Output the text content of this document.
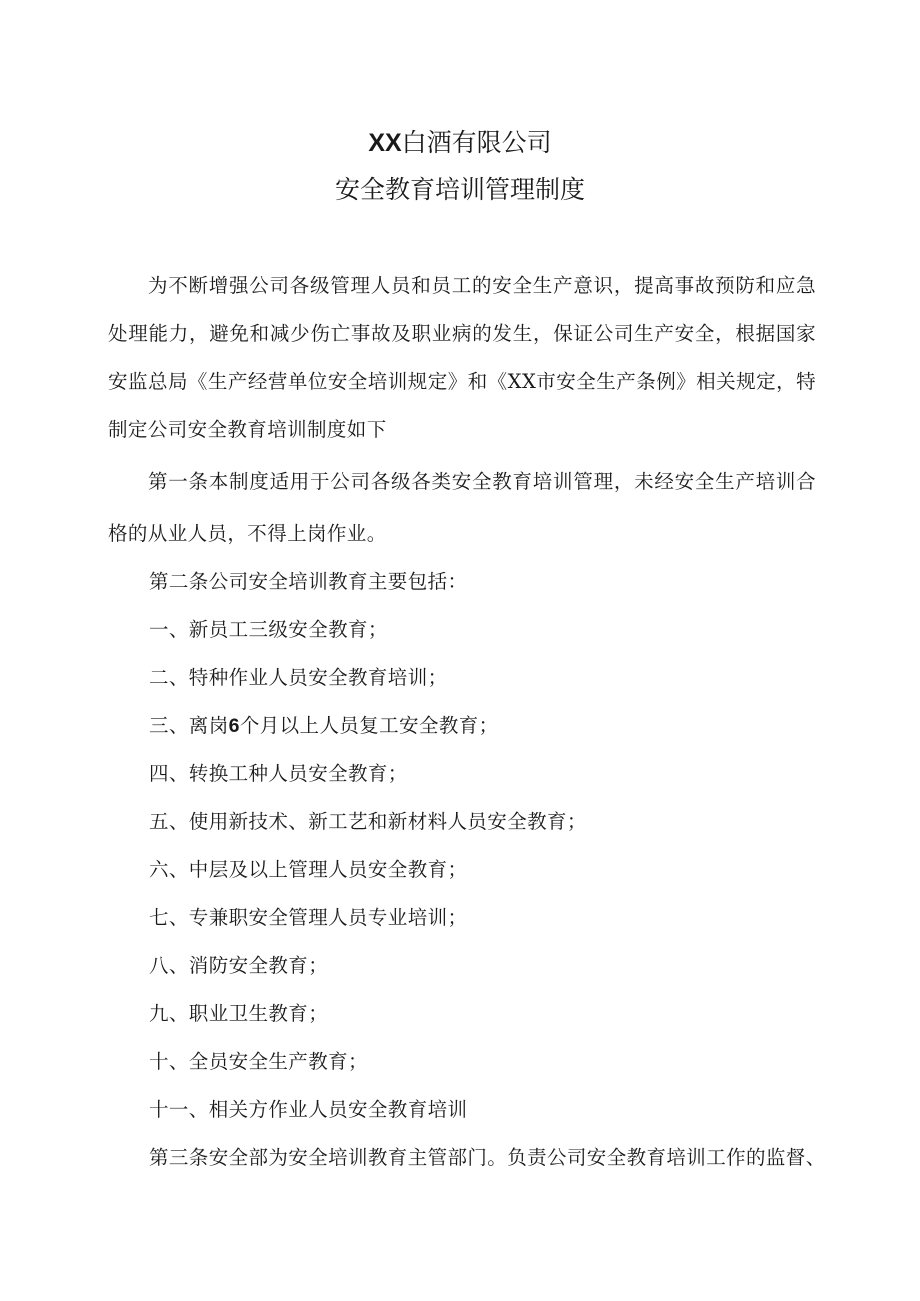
XX白酒有限公司
安全教育培训管理制度
为不断增强公司各级管理人员和员工的安全生产意识，提高事故预防和应急处理能力，避免和减少伤亡事故及职业病的发生，保证公司生产安全，根据国家安监总局《生产经营单位安全培训规定》和《XX市安全生产条例》相关规定，特制定公司安全教育培训制度如下
第一条本制度适用于公司各级各类安全教育培训管理，未经安全生产培训合格的从业人员，不得上岗作业。
第二条公司安全培训教育主要包括：
一、新员工三级安全教育；
二、特种作业人员安全教育培训；
三、离岗6个月以上人员复工安全教育；
四、转换工种人员安全教育；
五、使用新技术、新工艺和新材料人员安全教育；
六、中层及以上管理人员安全教育；
七、专兼职安全管理人员专业培训；
八、消防安全教育；
九、职业卫生教育；
十、全员安全生产教育；
十一、相关方作业人员安全教育培训
第三条安全部为安全培训教育主管部门。负责公司安全教育培训工作的监督、
